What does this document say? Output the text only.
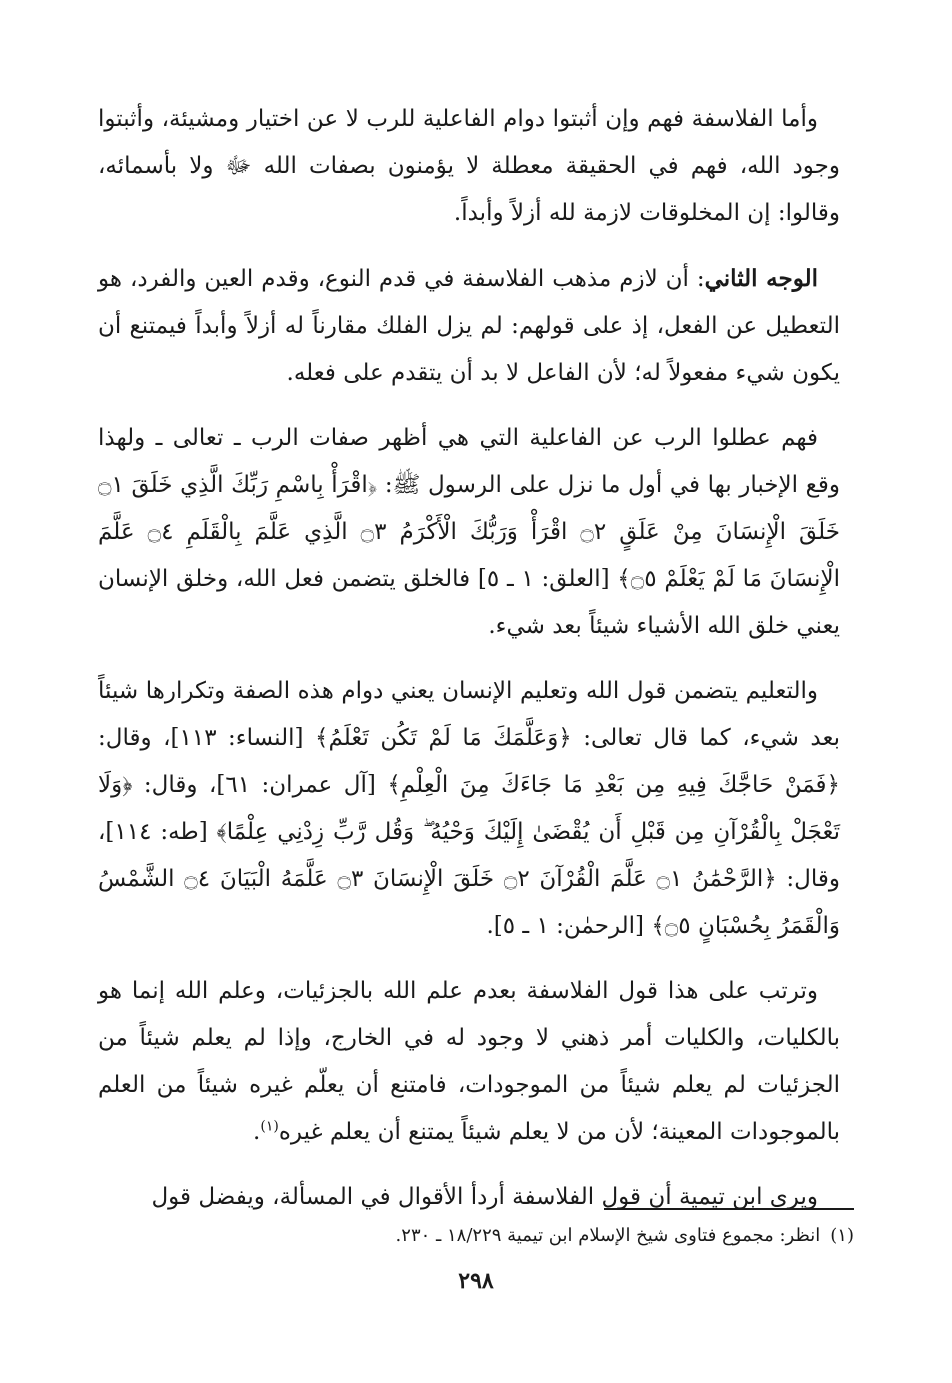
وأما الفلاسفة فهم وإن أثبتوا دوام الفاعلية للرب لا عن اختيار ومشيئة، وأثبتوا وجود الله، فهم في الحقيقة معطلة لا يؤمنون بصفات الله ﷻ ولا بأسمائه، وقالوا: إن المخلوقات لازمة لله أزلاً وأبداً.

الوجه الثاني: أن لازم مذهب الفلاسفة في قدم النوع، وقدم العين والفرد، هو التعطيل عن الفعل، إذ على قولهم: لم يزل الفلك مقارناً له أزلاً وأبداً فيمتنع أن يكون شيء مفعولاً له؛ لأن الفاعل لا بد أن يتقدم على فعله.

فهم عطلوا الرب عن الفاعلية التي هي أظهر صفات الرب ـ تعالى ـ ولهذا وقع الإخبار بها في أول ما نزل على الرسول ﷺ: ﴿اقْرَأْ بِاسْمِ رَبِّكَ الَّذِي خَلَقَ ۝١ خَلَقَ الْإِنسَانَ مِنْ عَلَقٍ ۝٢ اقْرَأْ وَرَبُّكَ الْأَكْرَمُ ۝٣ الَّذِي عَلَّمَ بِالْقَلَمِ ۝٤ عَلَّمَ الْإِنسَانَ مَا لَمْ يَعْلَمْ ۝٥﴾ [العلق: ١ ـ ٥] فالخلق يتضمن فعل الله، وخلق الإنسان يعني خلق الله الأشياء شيئاً بعد شيء.

والتعليم يتضمن قول الله وتعليم الإنسان يعني دوام هذه الصفة وتكرارها شيئاً بعد شيء، كما قال تعالى: ﴿وَعَلَّمَكَ مَا لَمْ تَكُن تَعْلَمُ﴾ [النساء: ١١٣]، وقال: ﴿فَمَنْ حَاجَّكَ فِيهِ مِن بَعْدِ مَا جَاءَكَ مِنَ الْعِلْمِ﴾ [آل عمران: ٦١]، وقال: ﴿وَلَا تَعْجَلْ بِالْقُرْآنِ مِن قَبْلِ أَن يُقْضَىٰ إِلَيْكَ وَحْيُهُ ۖ وَقُل رَّبِّ زِدْنِي عِلْمًا﴾ [طه: ١١٤]، وقال: ﴿الرَّحْمَٰنُ ۝١ عَلَّمَ الْقُرْآنَ ۝٢ خَلَقَ الْإِنسَانَ ۝٣ عَلَّمَهُ الْبَيَانَ ۝٤ الشَّمْسُ وَالْقَمَرُ بِحُسْبَانٍ ۝٥﴾ [الرحمٰن: ١ ـ ٥].

وترتب على هذا قول الفلاسفة بعدم علم الله بالجزئيات، وعلم الله إنما هو بالكليات، والكليات أمر ذهني لا وجود له في الخارج، وإذا لم يعلم شيئاً من الجزئيات لم يعلم شيئاً من الموجودات، فامتنع أن يعلّم غيره شيئاً من العلم بالموجودات المعينة؛ لأن من لا يعلم شيئاً يمتنع أن يعلم غيره$^{(١)}$.

ويرى ابن تيمية أن قول الفلاسفة أردأ الأقوال في المسألة، ويفضل قول

(١)انظر: مجموع فتاوى شيخ الإسلام ابن تيمية ١٨/٢٢٩ ـ ٢٣٠.
٢٩٨
